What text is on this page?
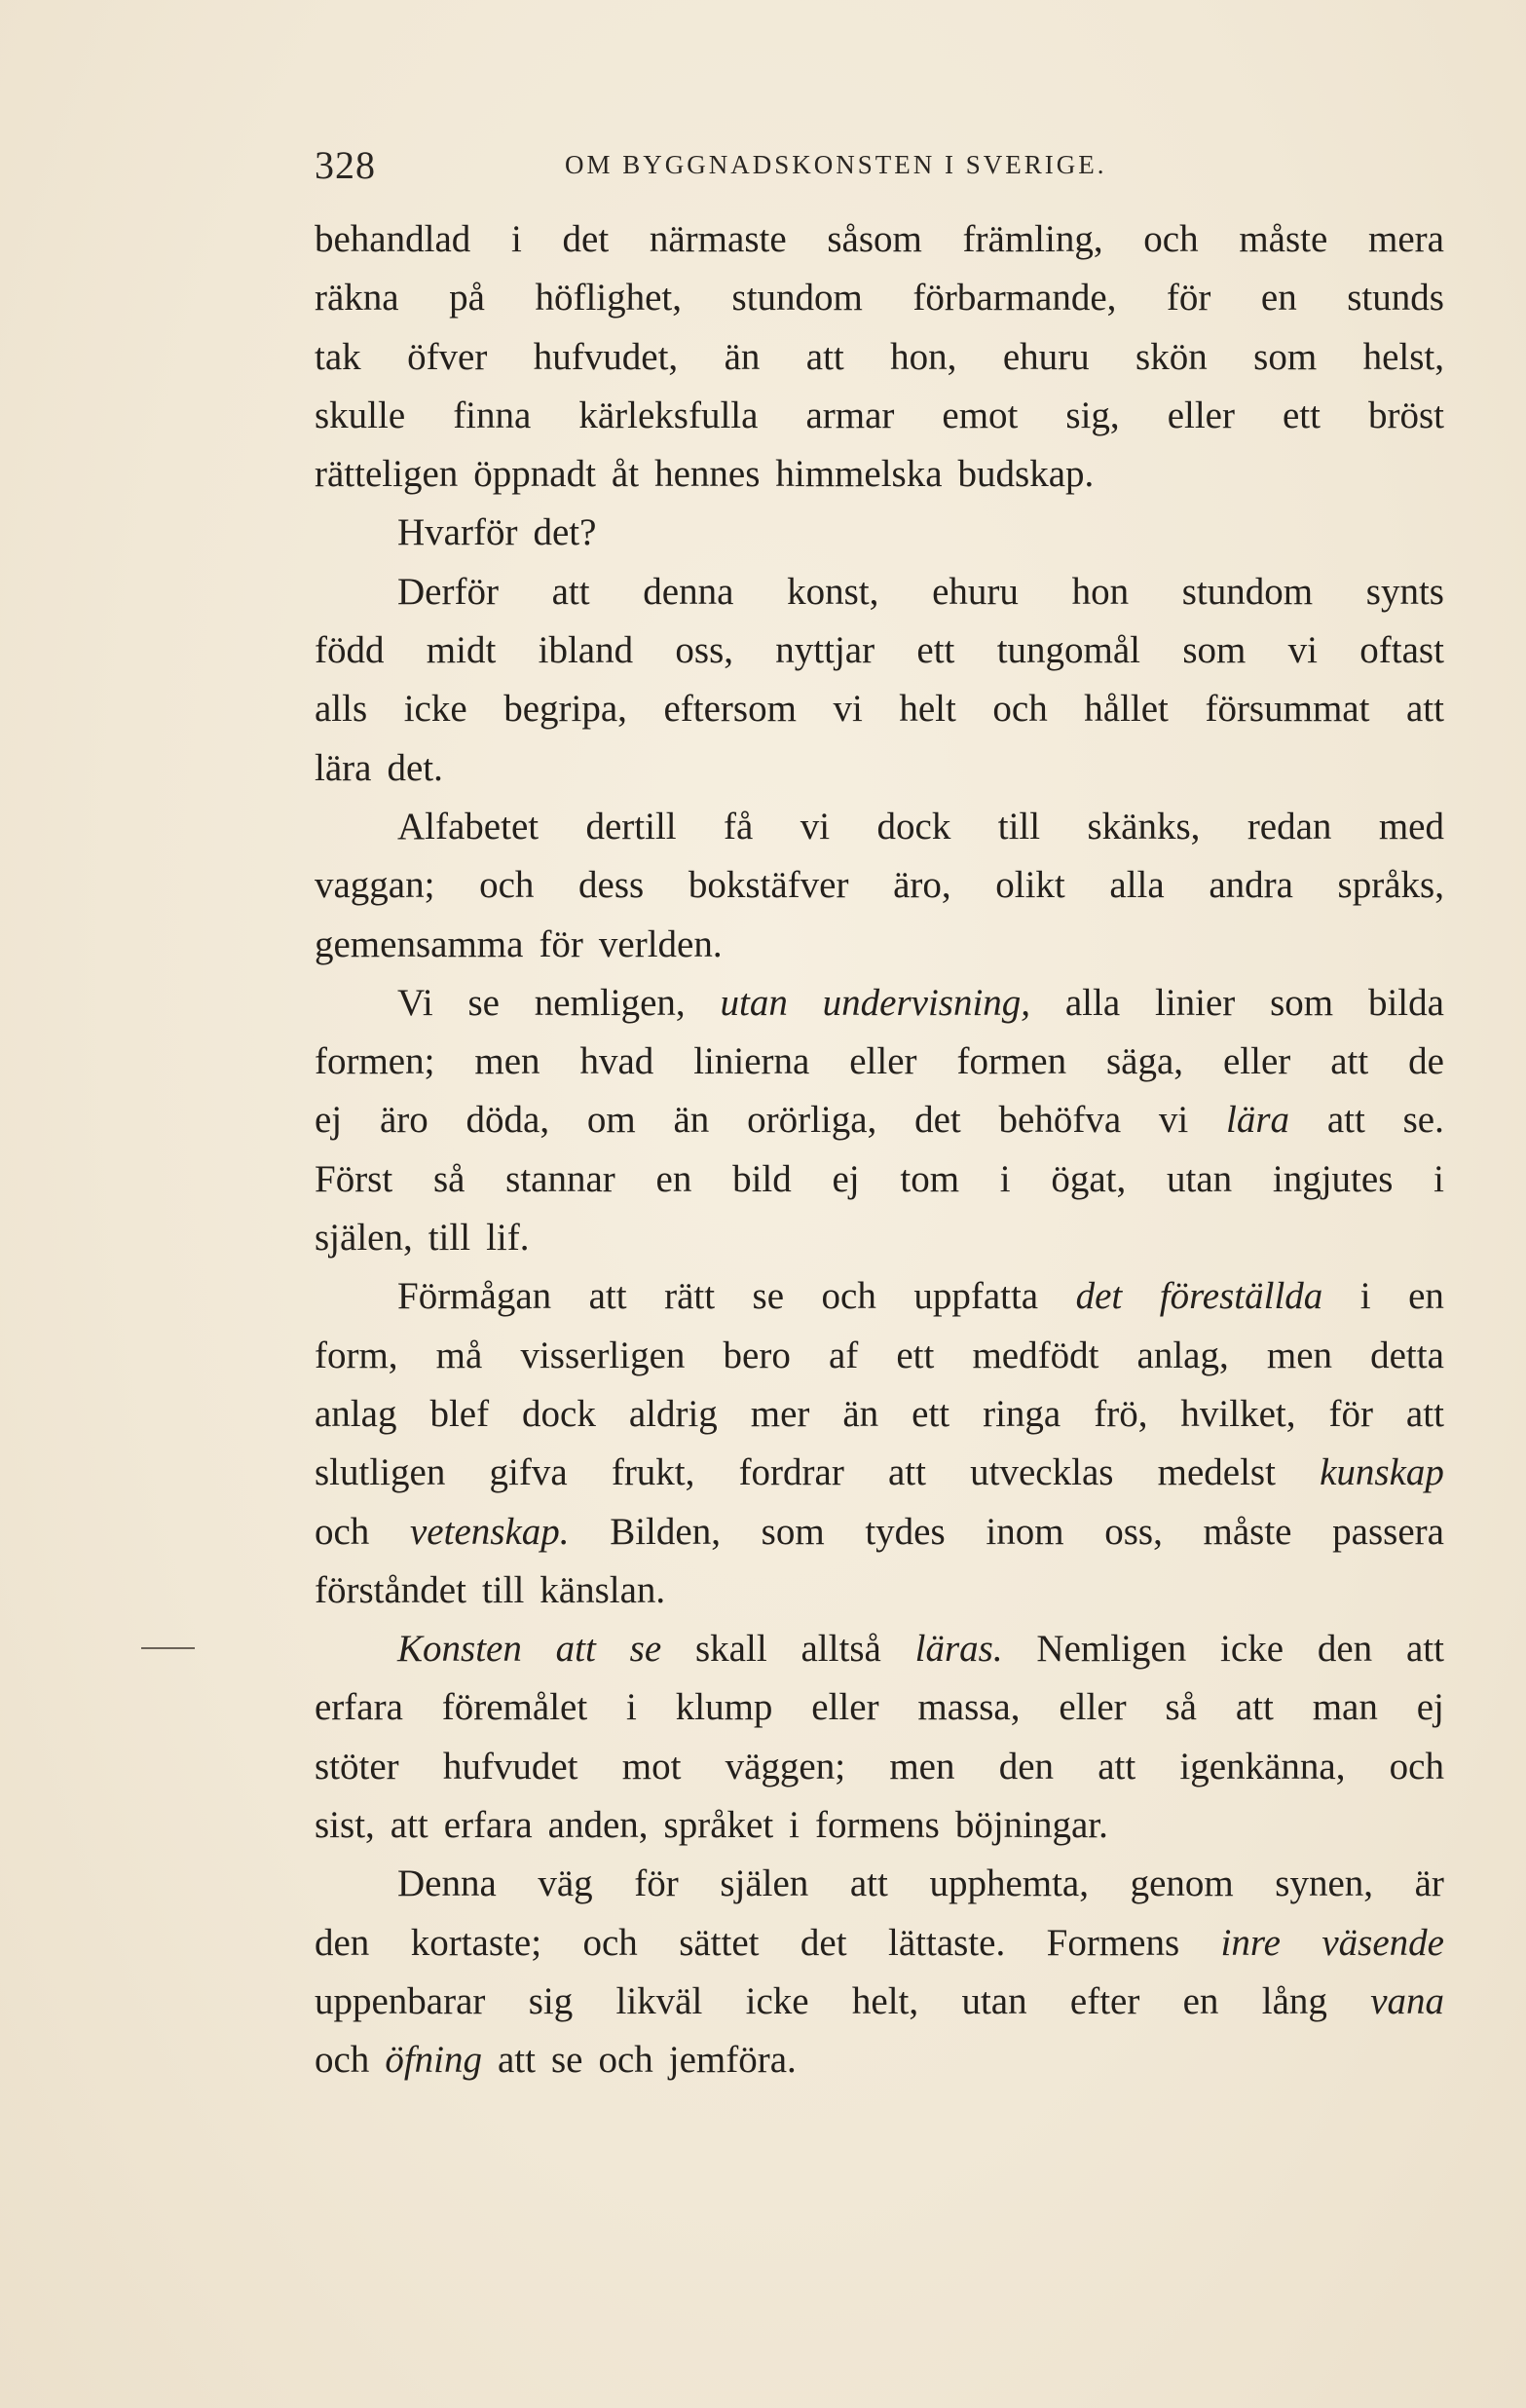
328	OM BYGGNADSKONSTEN I SVERIGE.
behandlad i det närmaste såsom främling, och måste mera
räkna på höflighet, stundom förbarmande, för en stunds
tak öfver hufvudet, än att hon, ehuru skön som helst,
skulle finna kärleksfulla armar emot sig, eller ett bröst
rätteligen öppnadt åt hennes himmelska budskap.
Hvarför det?
Derför att denna konst, ehuru hon stundom synts
född midt ibland oss, nyttjar ett tungomål som vi oftast
alls icke begripa, eftersom vi helt och hållet försummat att
lära det.
Alfabetet dertill få vi dock till skänks, redan med
vaggan; och dess bokstäfver äro, olikt alla andra språks,
gemensamma för verlden.
Vi se nemligen, utan undervisning, alla linier som bilda
formen; men hvad linierna eller formen säga, eller att de
ej äro döda, om än orörliga, det behöfva vi lära att se.
Först så stannar en bild ej tom i ögat, utan ingjutes i
själen, till lif.
Förmågan att rätt se och uppfatta det föreställda i en
form, må visserligen bero af ett medfödt anlag, men detta
anlag blef dock aldrig mer än ett ringa frö, hvilket, för att
slutligen gifva frukt, fordrar att utvecklas medelst kunskap
och vetenskap. Bilden, som tydes inom oss, måste passera
förståndet till känslan.
Konsten att se skall alltså läras. Nemligen icke den att
erfara föremålet i klump eller massa, eller så att man ej
stöter hufvudet mot väggen; men den att igenkänna, och
sist, att erfara anden, språket i formens böjningar.
Denna väg för själen att upphemta, genom synen, är
den kortaste; och sättet det lättaste. Formens inre väsende
uppenbarar sig likväl icke helt, utan efter en lång vana
och öfning att se och jemföra.
